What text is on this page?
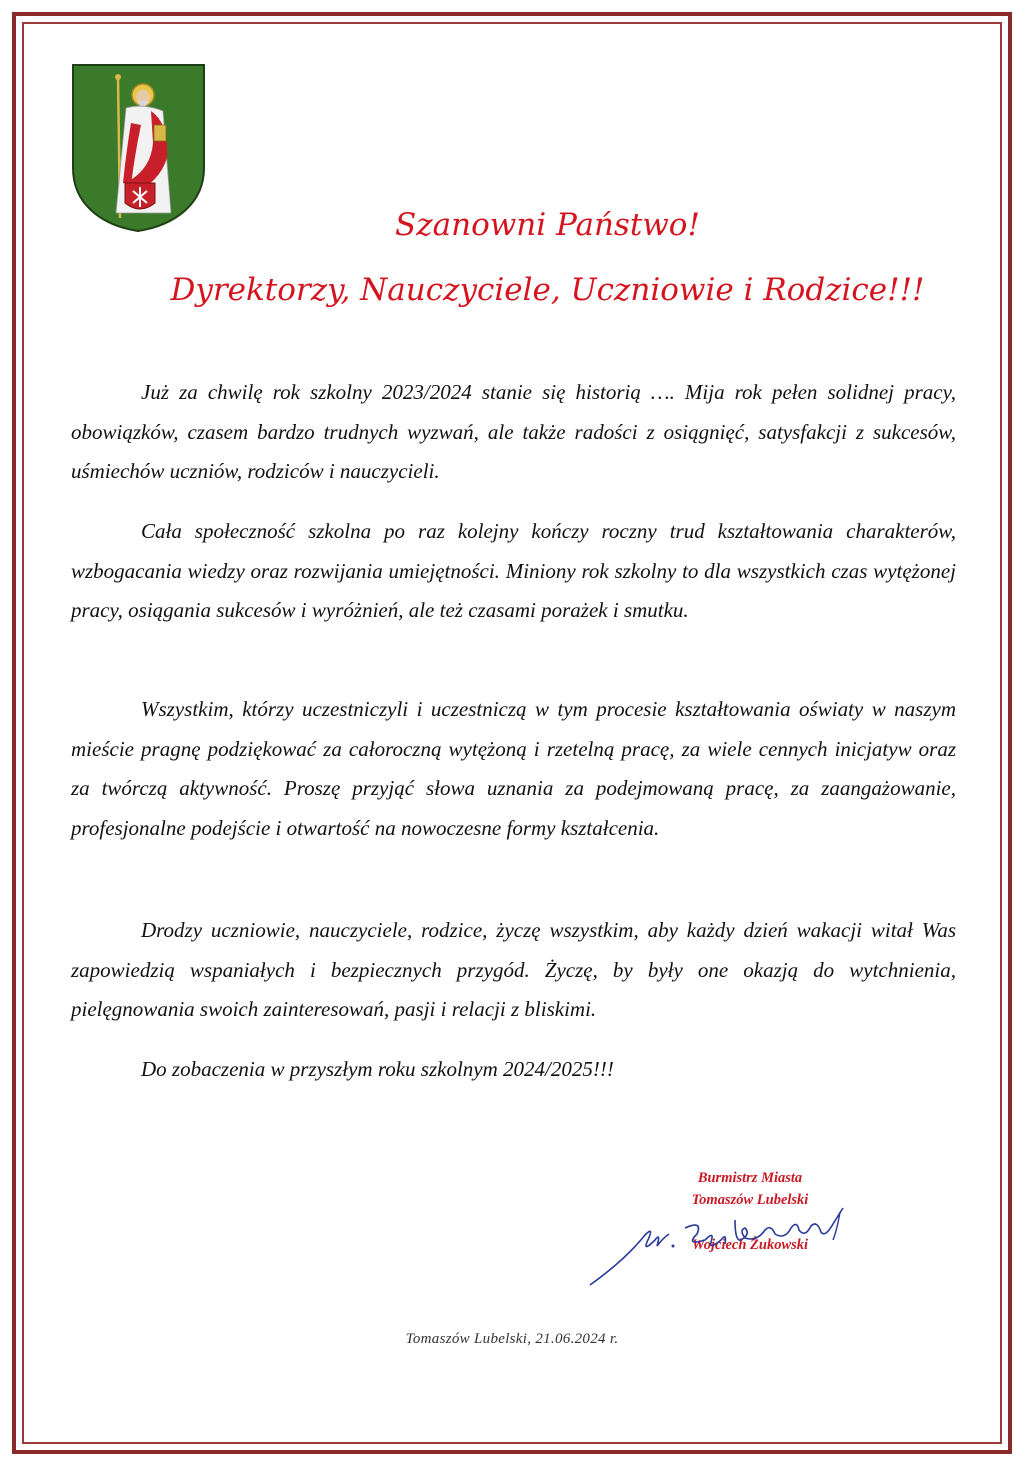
Szanowni Państwo!

Dyrektorzy, Nauczyciele, Uczniowie i Rodzice!!!

Już za chwilę rok szkolny 2023/2024 stanie się historią …. Mija rok pełen solidnej pracy, obowiązków, czasem bardzo trudnych wyzwań, ale także radości z osiągnięć, satysfakcji z sukcesów, uśmiechów uczniów, rodziców i nauczycieli.

Cała społeczność szkolna po raz kolejny kończy roczny trud kształtowania charakterów, wzbogacania wiedzy oraz rozwijania umiejętności. Miniony rok szkolny to dla wszystkich czas wytężonej pracy, osiągania sukcesów i wyróżnień, ale też czasami porażek i smutku.

Wszystkim, którzy uczestniczyli i uczestniczą w tym procesie kształtowania oświaty w naszym mieście pragnę podziękować za całoroczną wytężoną i rzetelną pracę, za wiele cennych inicjatyw oraz za twórczą aktywność. Proszę przyjąć słowa uznania za podejmowaną pracę, za zaangażowanie, profesjonalne podejście i otwartość na nowoczesne formy kształcenia.

Drodzy uczniowie, nauczyciele, rodzice, życzę wszystkim, aby każdy dzień wakacji witał Was zapowiedzią wspaniałych i bezpiecznych przygód. Życzę, by były one okazją do wytchnienia, pielęgnowania swoich zainteresowań, pasji i relacji z bliskimi.

Do zobaczenia w przyszłym roku szkolnym 2024/2025!!!

Burmistrz Miasta

Tomaszów Lubelski

Wojciech Żukowski

Tomaszów Lubelski, 21.06.2024 r.
